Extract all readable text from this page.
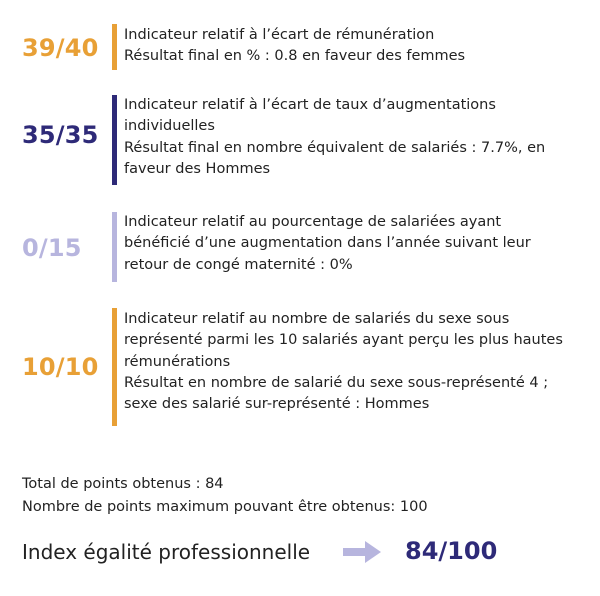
39/40 Indicateur relatif à l’écart de rémunération
Résultat final en % : 0.8 en faveur des femmes
35/35
Indicateur relatif à l’écart de taux d’augmentations
individuelles
Résultat final en nombre équivalent de salariés : 7.7%, en
faveur des Hommes
0/15
Indicateur relatif au pourcentage de salariées ayant
bénéficié d’une augmentation dans l’année suivant leur
retour de congé maternité : 0%
10/10
Indicateur relatif au nombre de salariés du sexe sous
représenté parmi les 10 salariés ayant perçu les plus hautes
rémunérations
Résultat en nombre de salarié du sexe sous-représenté 4 ;
sexe des salarié sur-représenté : Hommes
Total de points obtenus : 84
Nombre de points maximum pouvant être obtenus: 100
Index égalité professionnelle	84/100
